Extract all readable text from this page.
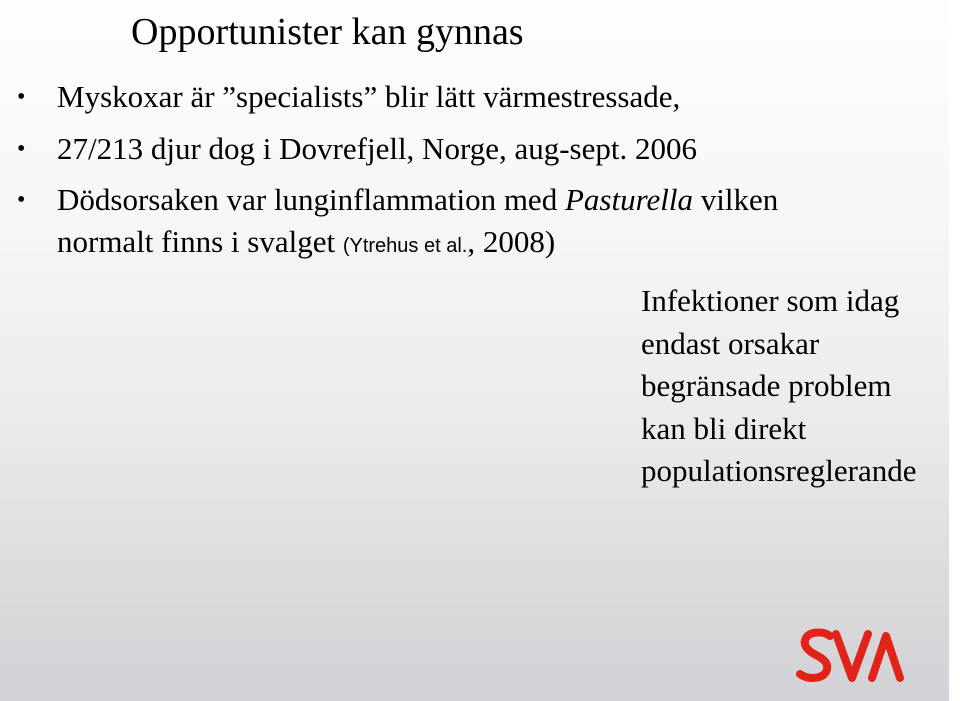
Opportunister kan gynnas
• Myskoxar är ”specialists” blir lätt värmestressade,
• 27/213 djur dog i Dovrefjell, Norge, aug-sept. 2006
• Dödsorsaken var lunginflammation med Pasturella vilken
normalt finns i svalget (Ytrehus et al., 2008)
Infektioner som idag
endast orsakar
begränsade problem
kan bli direkt
populationsreglerande
